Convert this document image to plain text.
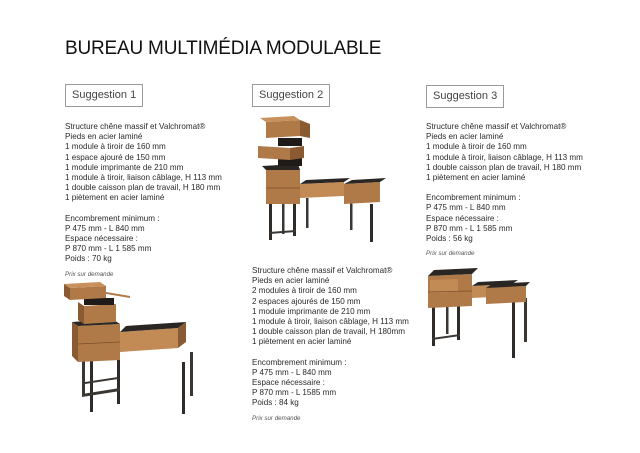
BUREAU MULTIMÉDIA MODULABLE
Suggestion 1	Suggestion 2	Suggestion 3
Structure chêne massif et Valchromat®
Pieds en acier laminé
1 module à tiroir de 160 mm
1 espace ajouré de 150 mm
1 module imprimante de 210 mm
1 module à tiroir, liaison câblage, H 113 mm
1 double caisson plan de travail, H 180 mm
1 piètement en acier laminé
Encombrement minimum :
P 475 mm - L 840 mm
Espace nécessaire :
P 870 mm - L 1 585 mm
Poids : 70 kg
Prix sur demande	Structure chêne massif et Valchromat®
Pieds en acier laminé
2 modules à tiroir de 160 mm
2 espaces ajourés de 150 mm
1 module imprimante de 210 mm
1 module à tiroir, liaison câblage, H 113 mm
1 double caisson plan de travail, H 180mm
1 piètement en acier laminé
Encombrement minimum :
P 475 mm - L 840 mm
Espace nécessaire :
P 870 mm - L 1585 mm
Poids : 84 kg
Prix sur demande
Structure chêne massif et Valchromat®
Pieds en acier laminé
1 module à tiroir de 160 mm
1 module à tiroir, liaison câblage, H 113 mm
1 double caisson plan de travail, H 180 mm
1 piètement en acier laminé
Encombrement minimum :
P 475 mm - L 840 mm
Espace nécessaire :
P 870 mm - L 1 585 mm
Poids : 56 kg
Prix sur demande
